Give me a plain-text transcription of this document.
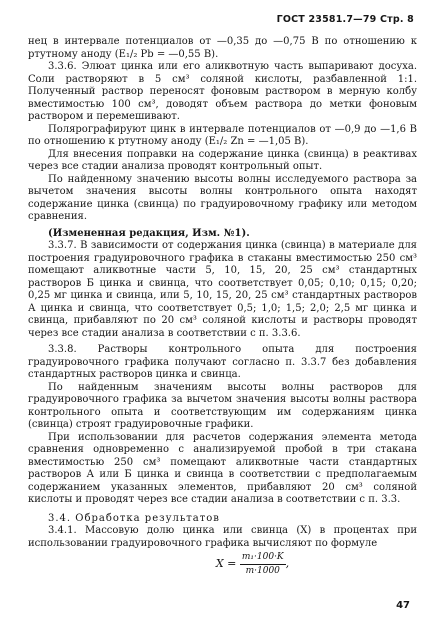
ГОСТ 23581.7—79 Стр. 8

нец в интервале потенциалов от —0,35 до —0,75 В по отношению к ртутному аноду (E₁/₂ Pb = —0,55 В).

3.3.6. Элюат цинка или его аликвотную часть выпаривают досуха. Соли растворяют в 5 см³ соляной кислоты, разбавленной 1:1. Полученный раствор переносят фоновым раствором в мерную колбу вместимостью 100 см³, доводят объем раствора до метки фоновым раствором и перемешивают.

Полярографируют цинк в интервале потенциалов от —0,9 до —1,6 В по отношению к ртутному аноду (E₁/₂ Zn = —1,05 В).

Для внесения поправки на содержание цинка (свинца) в реактивах через все стадии анализа проводят контрольный опыт.

По найденному значению высоты волны исследуемого раствора за вычетом значения высоты волны контрольного опыта находят содержание цинка (свинца) по градуировочному графику или методом сравнения.

(Измененная редакция, Изм. №1).

3.3.7. В зависимости от содержания цинка (свинца) в материале для построения градуировочного графика в стаканы вместимостью 250 см³ помещают аликвотные части 5, 10, 15, 20, 25 см³ стандартных растворов Б цинка и свинца, что соответствует 0,05; 0,10; 0,15; 0,20; 0,25 мг цинка и свинца, или 5, 10, 15, 20, 25 см³ стандартных растворов А цинка и свинца, что соответствует 0,5; 1,0; 1,5; 2,0; 2,5 мг цинка и свинца, прибавляют по 20 см³ соляной кислоты и растворы проводят через все стадии анализа в соответствии с п. 3.3.6.

3.3.8. Растворы контрольного опыта для построения градуировочного графика получают согласно п. 3.3.7 без добавления стандартных растворов цинка и свинца.

По найденным значениям высоты волны растворов для градуировочного графика за вычетом значения высоты волны раствора контрольного опыта и соответствующим им содержаниям цинка (свинца) строят градуировочные графики.

При использовании для расчетов содержания элемента метода сравнения одновременно с анализируемой пробой в три стакана вместимостью 250 см³ помещают аликвотные части стандартных растворов А или Б цинка и свинца в соответствии с предполагаемым содержанием указанных элементов, прибавляют 20 см³ соляной кислоты и проводят через все стадии анализа в соответствии с п. 3.3.

3.4. Обработка результатов

3.4.1. Массовую долю цинка или свинца (X) в процентах при использовании градуировочного графика вычисляют по формуле

$X = \frac{\text{m₁·100·K}}{m\cdot 1000}$ ,
47
